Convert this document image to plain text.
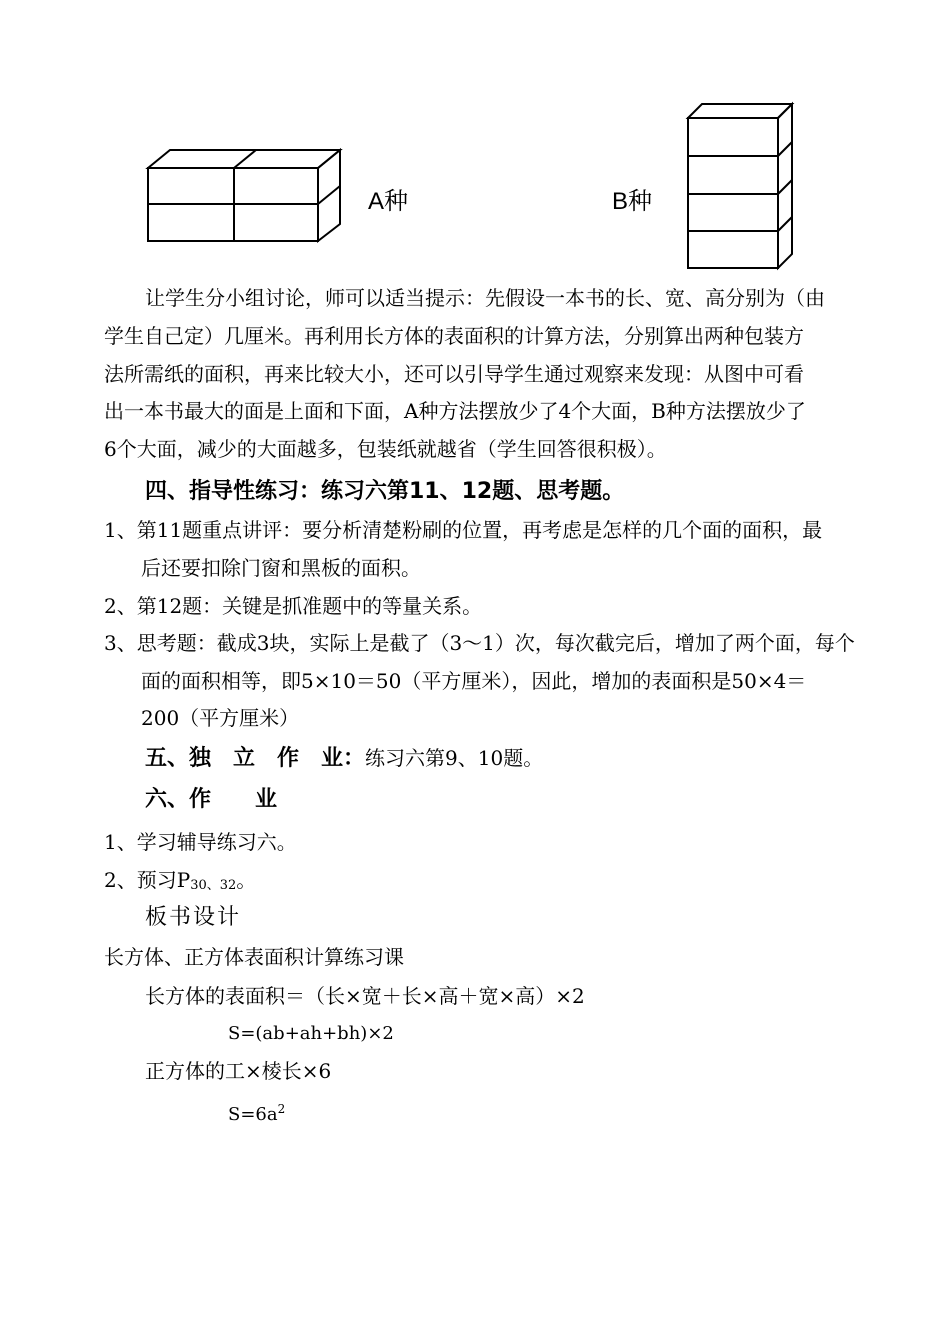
A种	B种
让学生分小组讨论，师可以适当提示：先假设一本书的长、宽、高分别为（由
学生自己定）几厘米。再利用长方体的表面积的计算方法，分别算出两种包装方
法所需纸的面积，再来比较大小，还可以引导学生通过观察来发现：从图中可看
出一本书最大的面是上面和下面，A种方法摆放少了4个大面，B种方法摆放少了
6个大面，减少的大面越多，包装纸就越省（学生回答很积极）。
四、指导性练习：练习六第11、12题、思考题。
1、第11题重点讲评：要分析清楚粉刷的位置，再考虑是怎样的几个面的面积，最
后还要扣除门窗和黑板的面积。
2、第12题：关键是抓准题中的等量关系。
3、思考题：截成3块，实际上是截了（3～1）次，每次截完后，增加了两个面，每个
面的面积相等，即5×10＝50（平方厘米），因此，增加的表面积是50×4＝
200（平方厘米）
五、独　立　作　业：练习六第9、10题。
六、作　　业
1、学习辅导练习六。
2、预习$P_{30、32}$。
板书设计
长方体、正方体表面积计算练习课
长方体的表面积＝（长×宽＋长×高＋宽×高）×2
S=(ab+ah+bh)×2
正方体的工×棱长×6
$S=6a^2$
